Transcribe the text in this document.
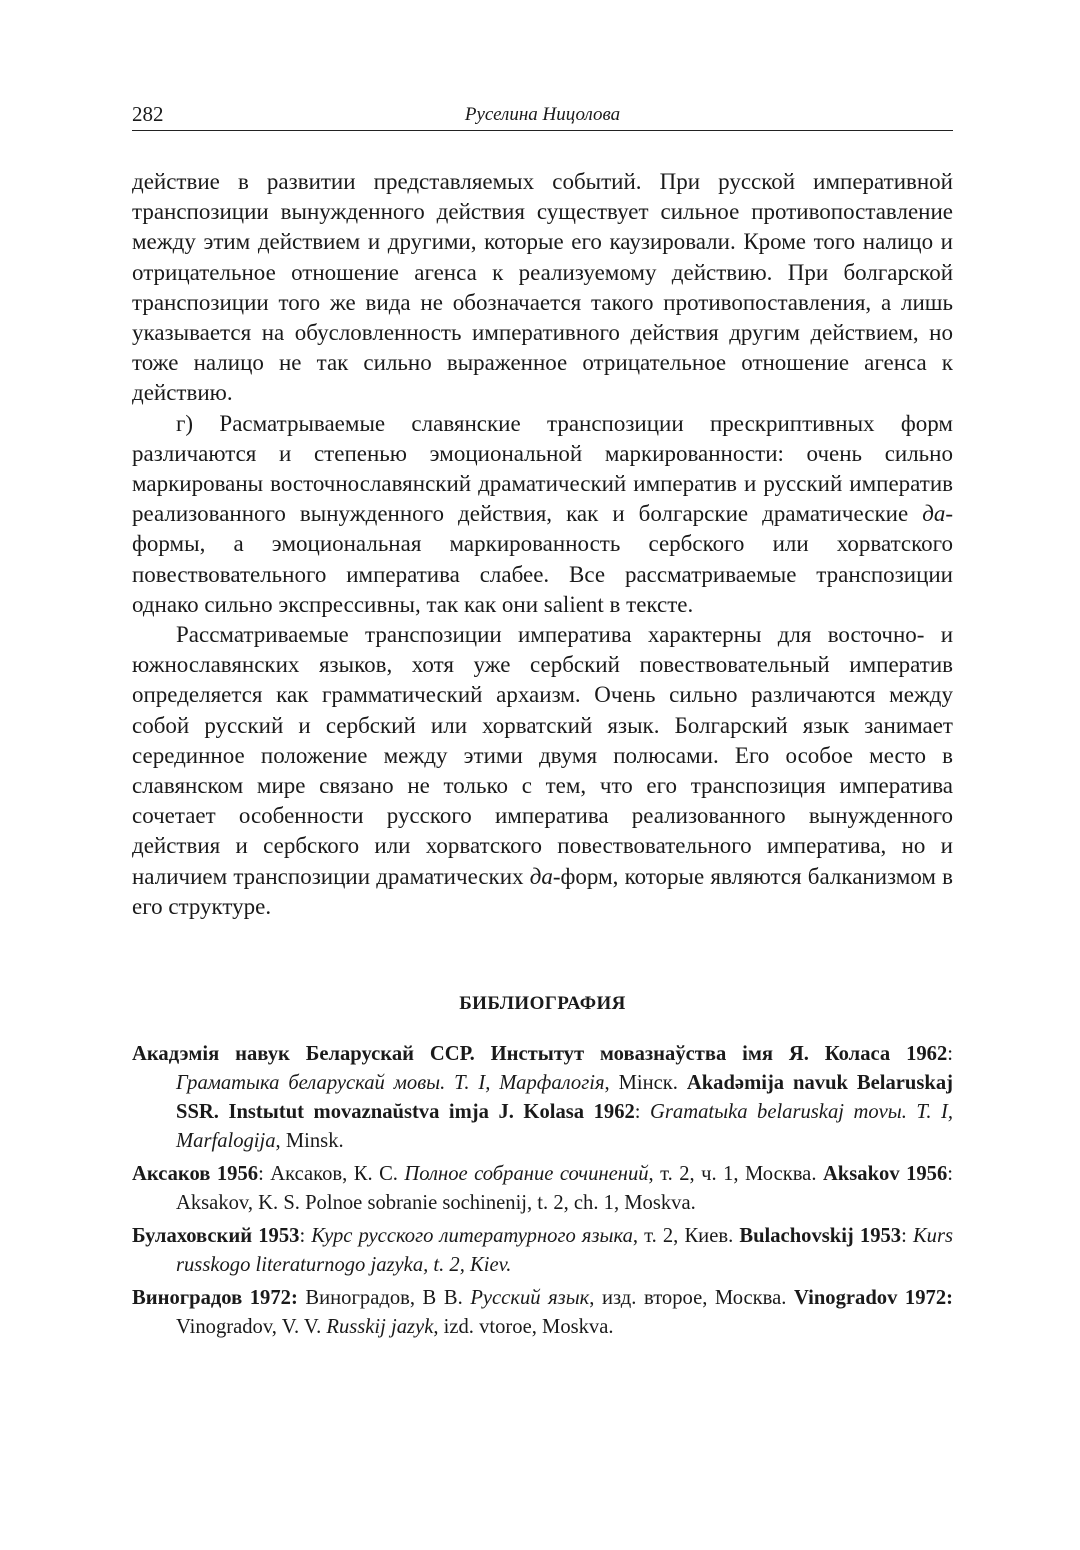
282	Руселина Ницолова

действие в развитии представляемых событий. При русской императивной транспозиции вынужденного действия существует сильное противопоставление между этим действием и другими, которые его каузировали. Кроме того налицо и отрицательное отношение агенса к реализуемому действию. При болгарской транспозиции того же вида не обозначается такого противопоставления, а лишь указывается на обусловленность императивного действия другим действием, но тоже налицо не так сильно выраженное отрицательное отношение агенса к действию.

г) Расматрываемые славянские транспозиции прескриптивных форм различаются и степенью эмоциональной маркированности: очень сильно маркированы восточнославянский драматический императив и русский императив реализованного вынужденного действия, как и болгарские драматические да-формы, а эмоциональная маркированность сербского или хорватского повествовательного императива слабее. Все рассматриваемые транспозиции однако сильно экспрессивны, так как они salient в тексте.

Рассматриваемые транспозиции императива характерны для восточно- и южнославянских языков, хотя уже сербский повествовательный императив определяется как грамматический архаизм. Очень сильно различаются между собой русский и сербский или хорватский язык. Болгарский язык занимает серединное положение между этими двумя полюсами. Его особое место в славянском мире связано не только с тем, что его транспозиция императива сочетает особенности русского императива реализованного вынужденного действия и сербского или хорватского повествовательного императива, но и наличием транспозиции драматических да-форм, которые являются балканизмом в его структуре.

БИБЛИОГРАФИЯ

Акадэмія навук Беларускай ССР. Инстытут мовазнаўства імя Я. Коласа 1962: Граматыка беларускай мовы. Т. І, Марфалогія, Мінск. Akadәmija navuk Belaruskaj SSR. Instыtut movaznaŭstva imja J. Kolasa 1962: Gramatыka belaruskaj movы. T. I, Marfalogija, Minsk.

Аксаков 1956: Аксаков, К. С. Полное собрание сочинений, т. 2, ч. 1, Москва. Aksakov 1956: Aksakov, K. S. Polnoe sobranie sochinenij, t. 2, ch. 1, Moskva.

Булаховский 1953: Курс русского литературного языка, т. 2, Киев. Bulachovskij 1953: Kurs russkogo literaturnogo jazyka, t. 2, Kiev.

Виноградов 1972: Виноградов, В В. Русский язык, изд. второе, Москва. Vinogradov 1972: Vinogradov, V. V. Russkij jazyk, izd. vtoroe, Moskva.
